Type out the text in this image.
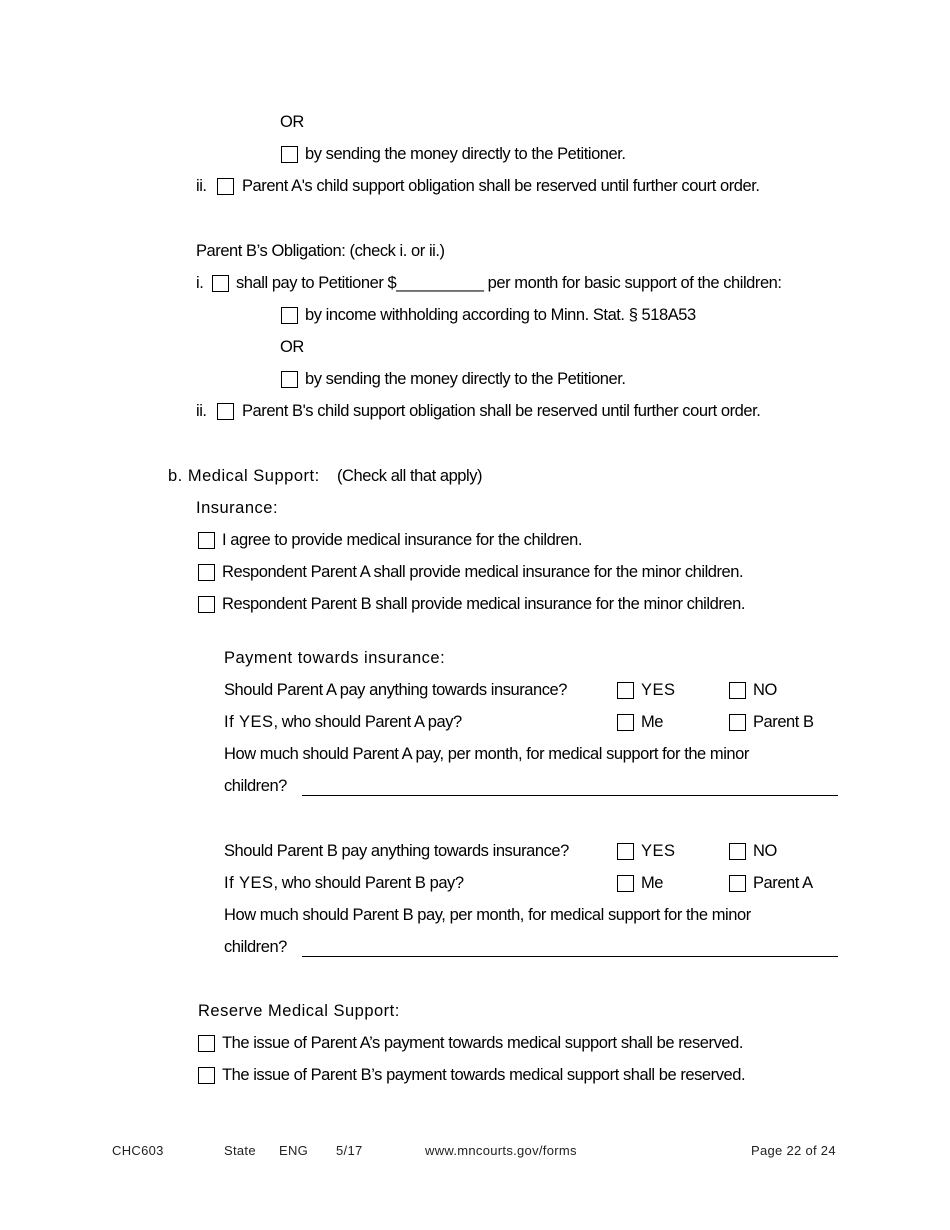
OR
by sending the money directly to the Petitioner.
ii. Parent A's child support obligation shall be reserved until further court order.
Parent B’s Obligation: (check i. or ii.)
i. shall pay to Petitioner $__________ per month for basic support of the children:
by income withholding according to Minn. Stat. § 518A53
OR
by sending the money directly to the Petitioner.
ii. Parent B's child support obligation shall be reserved until further court order.
b. Medical Support: (Check all that apply)
Insurance:
I agree to provide medical insurance for the children.
Respondent Parent A shall provide medical insurance for the minor children.
Respondent Parent B shall provide medical insurance for the minor children.
Payment towards insurance:
Should Parent A pay anything towards insurance?	YES	NO
If YES, who should Parent A pay?	Me	Parent B
How much should Parent A pay, per month, for medical support for the minor
children?
Should Parent B pay anything towards insurance?	YES	NO
If YES, who should Parent B pay?	Me	Parent A
How much should Parent B pay, per month, for medical support for the minor
children?
Reserve Medical Support:
The issue of Parent A’s payment towards medical support shall be reserved.
The issue of Parent B’s payment towards medical support shall be reserved.
CHC603	State ENG 5/17	www.mncourts.gov/forms	Page 22 of 24
